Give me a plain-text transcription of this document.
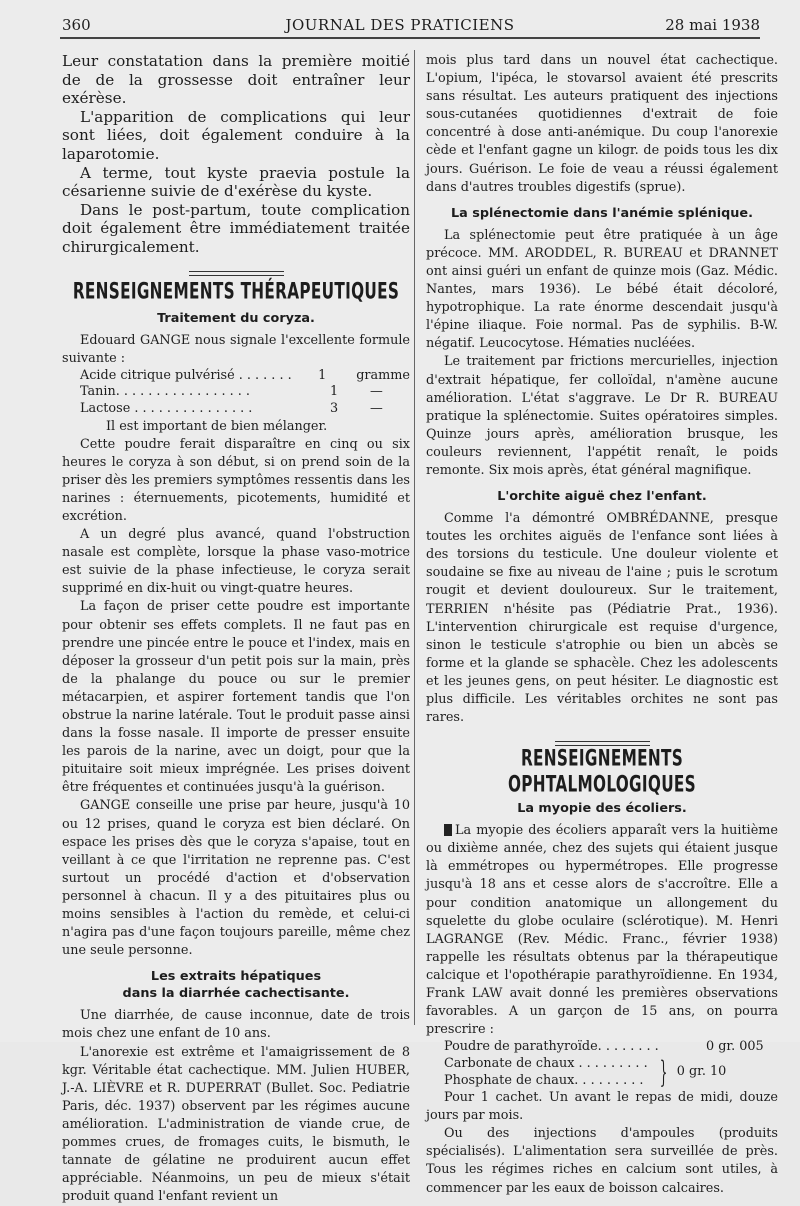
360	JOURNAL DES PRATICIENS	28 mai 1938

Leur constatation dans la première moitié de de la grossesse doit entraîner leur exérèse.

L'apparition de complications qui leur sont liées, doit également conduire à la laparotomie.

A terme, tout kyste praevia postule la césarienne suivie de d'exérèse du kyste.

Dans le post-partum, toute complication doit également être immédiatement traitée chirurgicalement.

RENSEIGNEMENTS THÉRAPEUTIQUES
Traitement du coryza.

Edouard GANGE nous signale l'excellente formule suivante :

Acide citrique pulvérisé . . . . . . .	1	gramme
Tanin. . . . . . . . . . . . . . . . .	1	—
Lactose . . . . . . . . . . . . . . .	3	—

Il est important de bien mélanger.

Cette poudre ferait disparaître en cinq ou six heures le coryza à son début, si on prend soin de la priser dès les premiers symptômes ressentis dans les narines : éternuements, picotements, humidité et excrétion.

A un degré plus avancé, quand l'obstruction nasale est complète, lorsque la phase vaso-motrice est suivie de la phase infectieuse, le coryza serait supprimé en dix-huit ou vingt-quatre heures.

La façon de priser cette poudre est importante pour obtenir ses effets complets. Il ne faut pas en prendre une pincée entre le pouce et l'index, mais en déposer la grosseur d'un petit pois sur la main, près de la phalange du pouce ou sur le premier métacarpien, et aspirer fortement tandis que l'on obstrue la narine latérale. Tout le produit passe ainsi dans la fosse nasale. Il importe de presser ensuite les parois de la narine, avec un doigt, pour que la pituitaire soit mieux imprégnée. Les prises doivent être fréquentes et continuées jusqu'à la guérison.

GANGE conseille une prise par heure, jusqu'à 10 ou 12 prises, quand le coryza est bien déclaré. On espace les prises dès que le coryza s'apaise, tout en veillant à ce que l'irritation ne reprenne pas. C'est surtout un procédé d'action et d'observation personnel à chacun. Il y a des pituitaires plus ou moins sensibles à l'action du remède, et celui-ci n'agira pas d'une façon toujours pareille, même chez une seule personne.

Les extraits hépatiques
dans la diarrhée cachectisante.

Une diarrhée, de cause inconnue, date de trois mois chez une enfant de 10 ans.

L'anorexie est extrême et l'amaigrissement de 8 kgr. Véritable état cachectique. MM. Julien HUBER, J.-A. LIÈVRE et R. DUPERRAT (Bullet. Soc. Pediatrie Paris, déc. 1937) observent par les régimes aucune amélioration. L'administration de viande crue, de pommes crues, de fromages cuits, le bismuth, le tannate de gélatine ne produirent aucun effet appréciable. Néanmoins, un peu de mieux s'était produit quand l'enfant revient un

mois plus tard dans un nouvel état cachectique. L'opium, l'ipéca, le stovarsol avaient été prescrits sans résultat. Les auteurs pratiquent des injections sous-cutanées quotidiennes d'extrait de foie concentré à dose anti-anémique. Du coup l'anorexie cède et l'enfant gagne un kilogr. de poids tous les dix jours. Guérison. Le foie de veau a réussi également dans d'autres troubles digestifs (sprue).

La splénectomie dans l'anémie splénique.

La splénectomie peut être pratiquée à un âge précoce. MM. ARODDEL, R. BUREAU et DRANNET ont ainsi guéri un enfant de quinze mois (Gaz. Médic. Nantes, mars 1936). Le bébé était décoloré, hypotrophique. La rate énorme descendait jusqu'à l'épine iliaque. Foie normal. Pas de syphilis. B-W. négatif. Leucocytose. Hématies nucléées.

Le traitement par frictions mercurielles, injection d'extrait hépatique, fer colloïdal, n'amène aucune amélioration. L'état s'aggrave. Le Dr R. BUREAU pratique la splénectomie. Suites opératoires simples. Quinze jours après, amélioration brusque, les couleurs reviennent, l'appétit renaît, le poids remonte. Six mois après, état général magnifique.

L'orchite aiguë chez l'enfant.

Comme l'a démontré OMBRÉDANNE, presque toutes les orchites aiguës de l'enfance sont liées à des torsions du testicule. Une douleur violente et soudaine se fixe au niveau de l'aine ; puis le scrotum rougit et devient douloureux. Sur le traitement, TERRIEN n'hésite pas (Pédiatrie Prat., 1936). L'intervention chirurgicale est requise d'urgence, sinon le testicule s'atrophie ou bien un abcès se forme et la glande se sphacèle. Chez les adolescents et les jeunes gens, on peut hésiter. Le diagnostic est plus difficile. Les véritables orchites ne sont pas rares.

RENSEIGNEMENTS OPHTALMOLOGIQUES
La myopie des écoliers.

La myopie des écoliers apparaît vers la huitième ou dixième année, chez des sujets qui étaient jusque là emmétropes ou hypermétropes. Elle progresse jusqu'à 18 ans et cesse alors de s'accroître. Elle a pour condition anatomique un allongement du squelette du globe oculaire (sclérotique). M. Henri LAGRANGE (Rev. Médic. Franc., février 1938) rappelle les résultats obtenus par la thérapeutique calcique et l'opothérapie parathyroïdienne. En 1934, Frank LAW avait donné les premières observations favorables. A un garçon de 15 ans, on pourra prescrire :

Poudre de parathyroïde. . . . . . . .	0 gr. 005
Carbonate de chaux . . . . . . . . .
Phosphate de chaux. . . . . . . . . } 0 gr. 10

Pour 1 cachet. Un avant le repas de midi, douze jours par mois.

Ou des injections d'ampoules (produits spécialisés). L'alimentation sera surveillée de près. Tous les régimes riches en calcium sont utiles, à commencer par les eaux de boisson calcaires.
